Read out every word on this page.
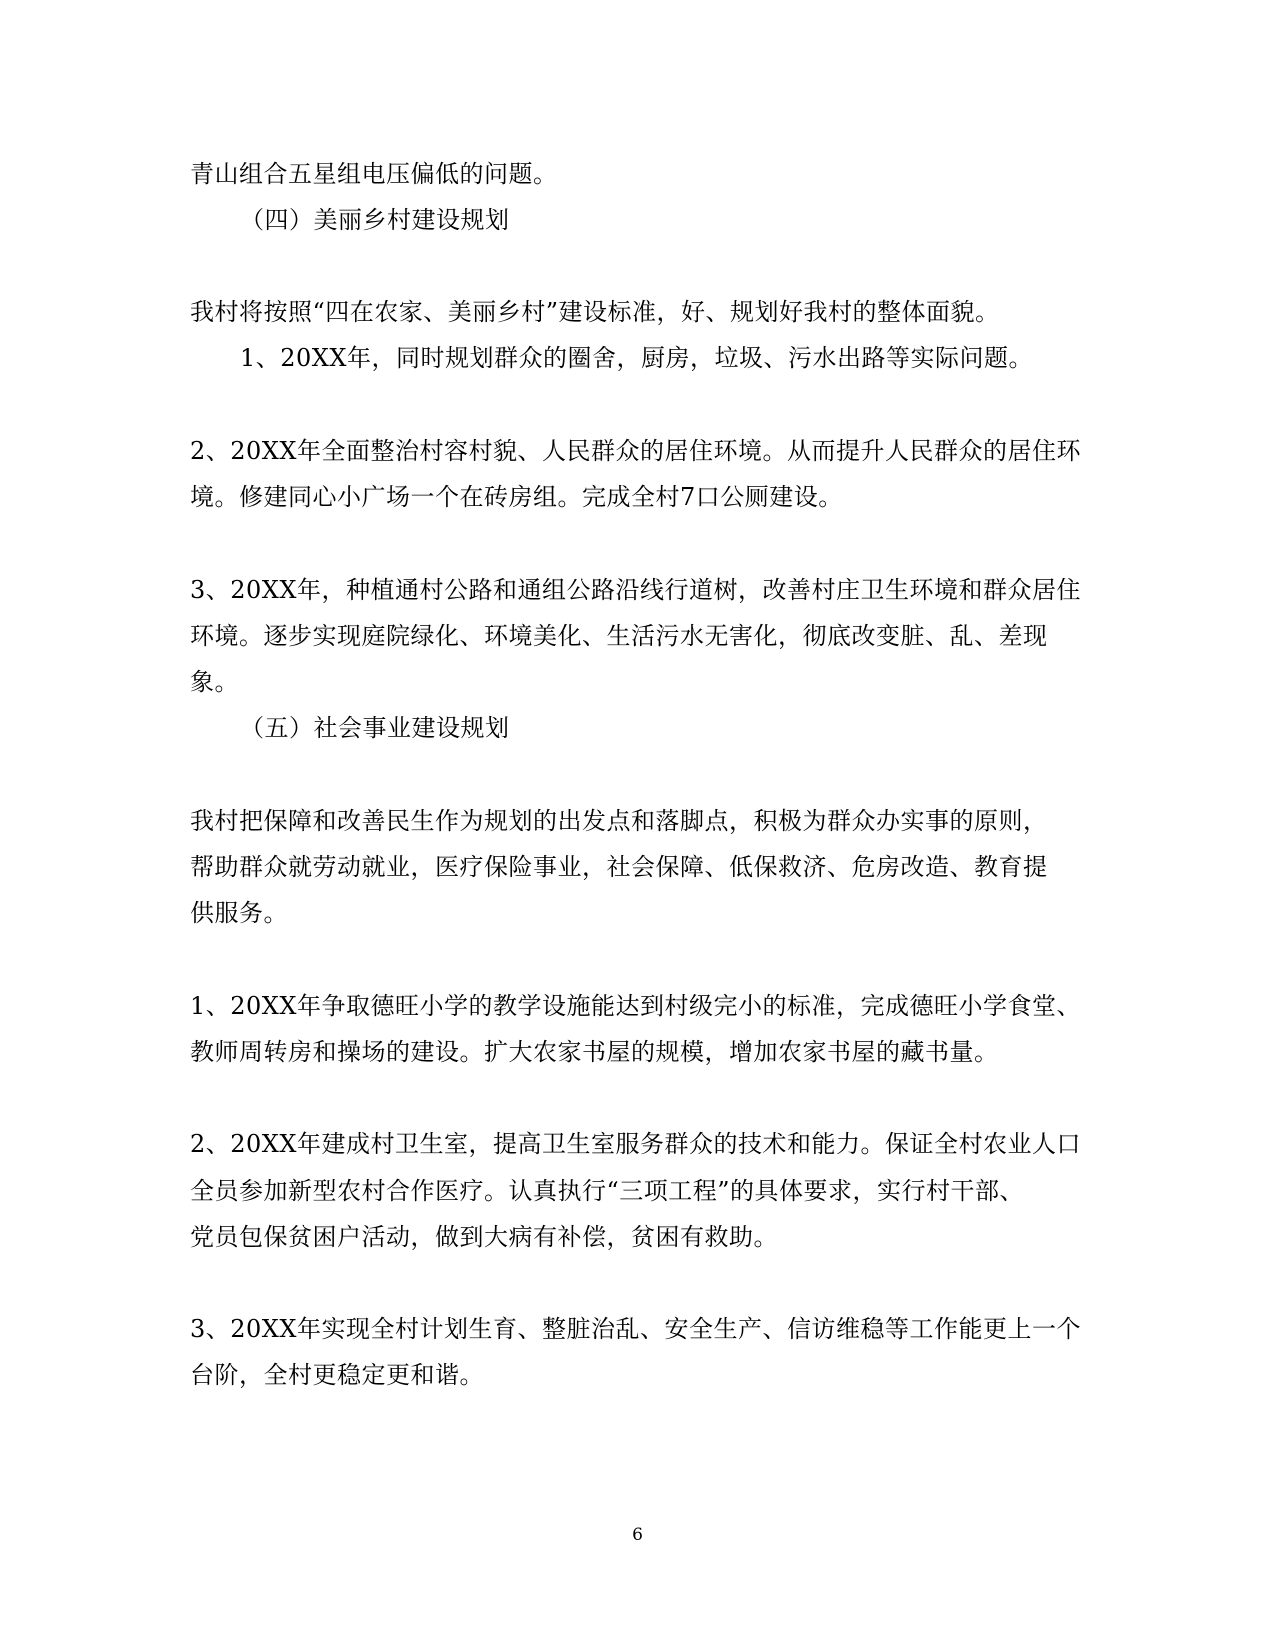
青山组合五星组电压偏低的问题。
（四）美丽乡村建设规划
我村将按照“四在农家、美丽乡村”建设标准，好、规划好我村的整体面貌。
1、20XX年，同时规划群众的圈舍，厨房，垃圾、污水出路等实际问题。
2、20XX年全面整治村容村貌、人民群众的居住环境。从而提升人民群众的居住环
境。修建同心小广场一个在砖房组。完成全村7口公厕建设。
3、20XX年，种植通村公路和通组公路沿线行道树，改善村庄卫生环境和群众居住
环境。逐步实现庭院绿化、环境美化、生活污水无害化，彻底改变脏、乱、差现
象。
（五）社会事业建设规划
我村把保障和改善民生作为规划的出发点和落脚点，积极为群众办实事的原则，
帮助群众就劳动就业，医疗保险事业，社会保障、低保救济、危房改造、教育提
供服务。
1、20XX年争取德旺小学的教学设施能达到村级完小的标准，完成德旺小学食堂、
教师周转房和操场的建设。扩大农家书屋的规模，增加农家书屋的藏书量。
2、20XX年建成村卫生室，提高卫生室服务群众的技术和能力。保证全村农业人口
全员参加新型农村合作医疗。认真执行“三项工程”的具体要求，实行村干部、
党员包保贫困户活动，做到大病有补偿，贫困有救助。
3、20XX年实现全村计划生育、整脏治乱、安全生产、信访维稳等工作能更上一个
台阶，全村更稳定更和谐。
6
